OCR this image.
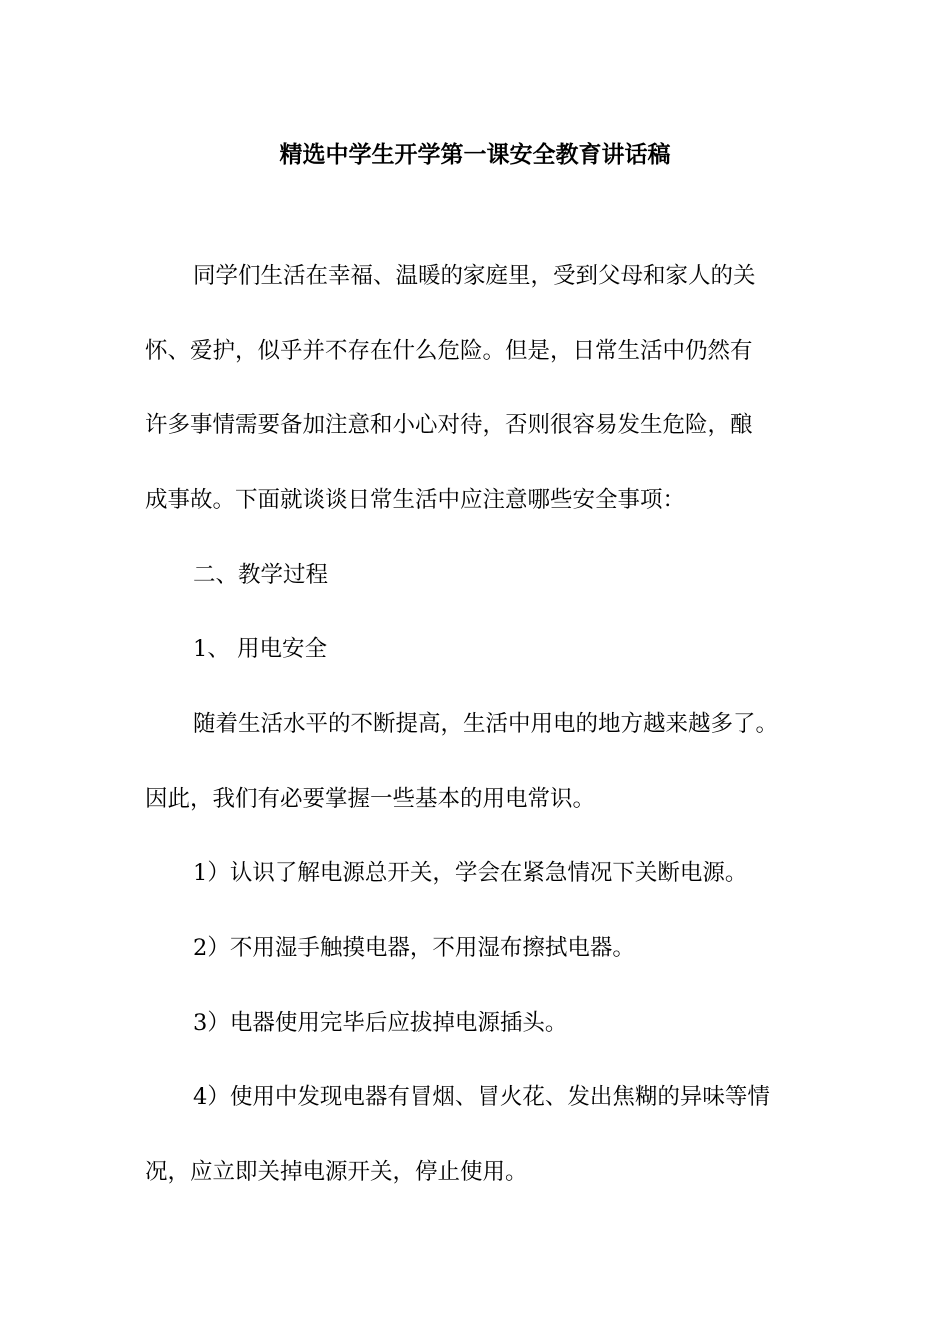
精选中学生开学第一课安全教育讲话稿
同学们生活在幸福、温暖的家庭里，受到父母和家人的关
怀、爱护，似乎并不存在什么危险。但是，日常生活中仍然有
许多事情需要备加注意和小心对待，否则很容易发生危险，酿
成事故。下面就谈谈日常生活中应注意哪些安全事项：
二、教学过程
1、 用电安全
随着生活水平的不断提高，生活中用电的地方越来越多了。
因此，我们有必要掌握一些基本的用电常识。
1）认识了解电源总开关，学会在紧急情况下关断电源。
2）不用湿手触摸电器，不用湿布擦拭电器。
3）电器使用完毕后应拔掉电源插头。
4）使用中发现电器有冒烟、冒火花、发出焦糊的异味等情
况，应立即关掉电源开关，停止使用。
